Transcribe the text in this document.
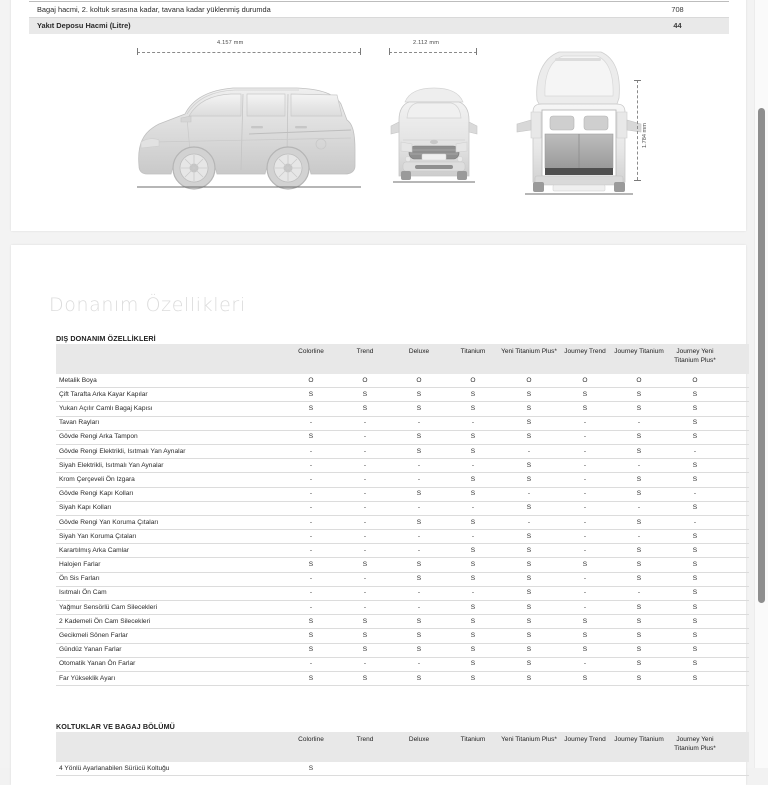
Bagaj hacmi, 2. koltuk sırasına kadar, tavana kadar yüklenmiş durumda	708
Yakıt Deposu Hacmi (Litre)	44
4.157 mm	2.112 mm
1.784 mm
Donanım Özellikleri
DIŞ DONANIM ÖZELLİKLERİ
	Colorline	Trend	Deluxe	Titanium	Yeni Titanium Plus*	Journey Trend	Journey Titanium	Journey Yeni Titanium Plus*	
Metalik Boya	O	O	O	O	O	O	O	O	
Çift Tarafta Arka Kayar Kapılar	S	S	S	S	S	S	S	S	
Yukarı Açılır Camlı Bagaj Kapısı	S	S	S	S	S	S	S	S	
Tavan Rayları	-	-	-	-	S	-	-	S	
Gövde Rengi Arka Tampon	S	-	S	S	S	-	S	S	
Gövde Rengi Elektrikli, Isıtmalı Yan Aynalar	-	-	S	S	-	-	S	-	
Siyah Elektrikli, Isıtmalı Yan Aynalar	-	-	-	-	S	-	-	S	
Krom Çerçeveli Ön Izgara	-	-	-	S	S	-	S	S	
Gövde Rengi Kapı Kolları	-	-	S	S	-	-	S	-	
Siyah Kapı Kolları	-	-	-	-	S	-	-	S	
Gövde Rengi Yan Koruma Çıtaları	-	-	S	S	-	-	S	-	
Siyah Yan Koruma Çıtaları	-	-	-	-	S	-	-	S	
Karartılmış Arka Camlar	-	-	-	S	S	-	S	S	
Halojen Farlar	S	S	S	S	S	S	S	S	
Ön Sis Farları	-	-	S	S	S	-	S	S	
Isıtmalı Ön Cam	-	-	-	-	S	-	-	S	
Yağmur Sensörlü Cam Silecekleri	-	-	-	S	S	-	S	S	
2 Kademeli Ön Cam Silecekleri	S	S	S	S	S	S	S	S	
Gecikmeli Sönen Farlar	S	S	S	S	S	S	S	S	
Gündüz Yanan Farlar	S	S	S	S	S	S	S	S	
Otomatik Yanan Ön Farlar	-	-	-	S	S	-	S	S	
Far Yükseklik Ayarı	S	S	S	S	S	S	S	S	
KOLTUKLAR VE BAGAJ BÖLÜMÜ
	Colorline	Trend	Deluxe	Titanium	Yeni Titanium Plus*	Journey Trend	Journey Titanium	Journey Yeni Titanium Plus*	
4 Yönlü Ayarlanabilen Sürücü Koltuğu	S								
